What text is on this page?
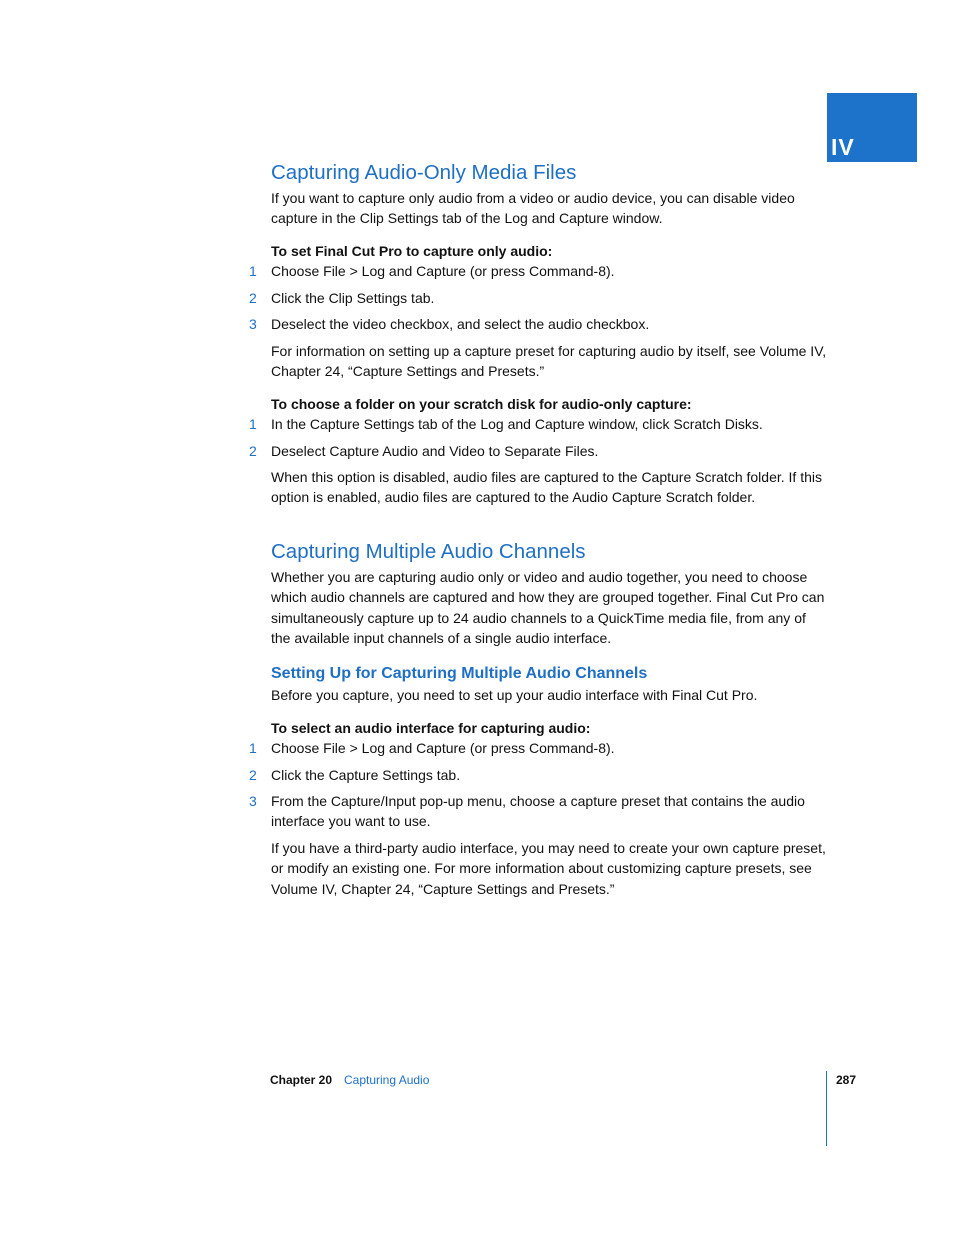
IV
Capturing Audio-Only Media Files

If you want to capture only audio from a video or audio device, you can disable video capture in the Clip Settings tab of the Log and Capture window.

To set Final Cut Pro to capture only audio:

1	Choose File > Log and Capture (or press Command-8).
2	Click the Clip Settings tab.
3	Deselect the video checkbox, and select the audio checkbox.

For information on setting up a capture preset for capturing audio by itself, see Volume IV, Chapter 24, “Capture Settings and Presets.”

To choose a folder on your scratch disk for audio-only capture:

1	In the Capture Settings tab of the Log and Capture window, click Scratch Disks.
2	Deselect Capture Audio and Video to Separate Files.

When this option is disabled, audio files are captured to the Capture Scratch folder. If this option is enabled, audio files are captured to the Audio Capture Scratch folder.

Capturing Multiple Audio Channels

Whether you are capturing audio only or video and audio together, you need to choose which audio channels are captured and how they are grouped together. Final Cut Pro can simultaneously capture up to 24 audio channels to a QuickTime media file, from any of the available input channels of a single audio interface.

Setting Up for Capturing Multiple Audio Channels

Before you capture, you need to set up your audio interface with Final Cut Pro.

To select an audio interface for capturing audio:

1	Choose File > Log and Capture (or press Command-8).
2	Click the Capture Settings tab.
3	From the Capture/Input pop-up menu, choose a capture preset that contains the audio interface you want to use.

If you have a third-party audio interface, you may need to create your own capture preset, or modify an existing one. For more information about customizing capture presets, see Volume IV, Chapter 24, “Capture Settings and Presets.”

Chapter 20 Capturing Audio	287
